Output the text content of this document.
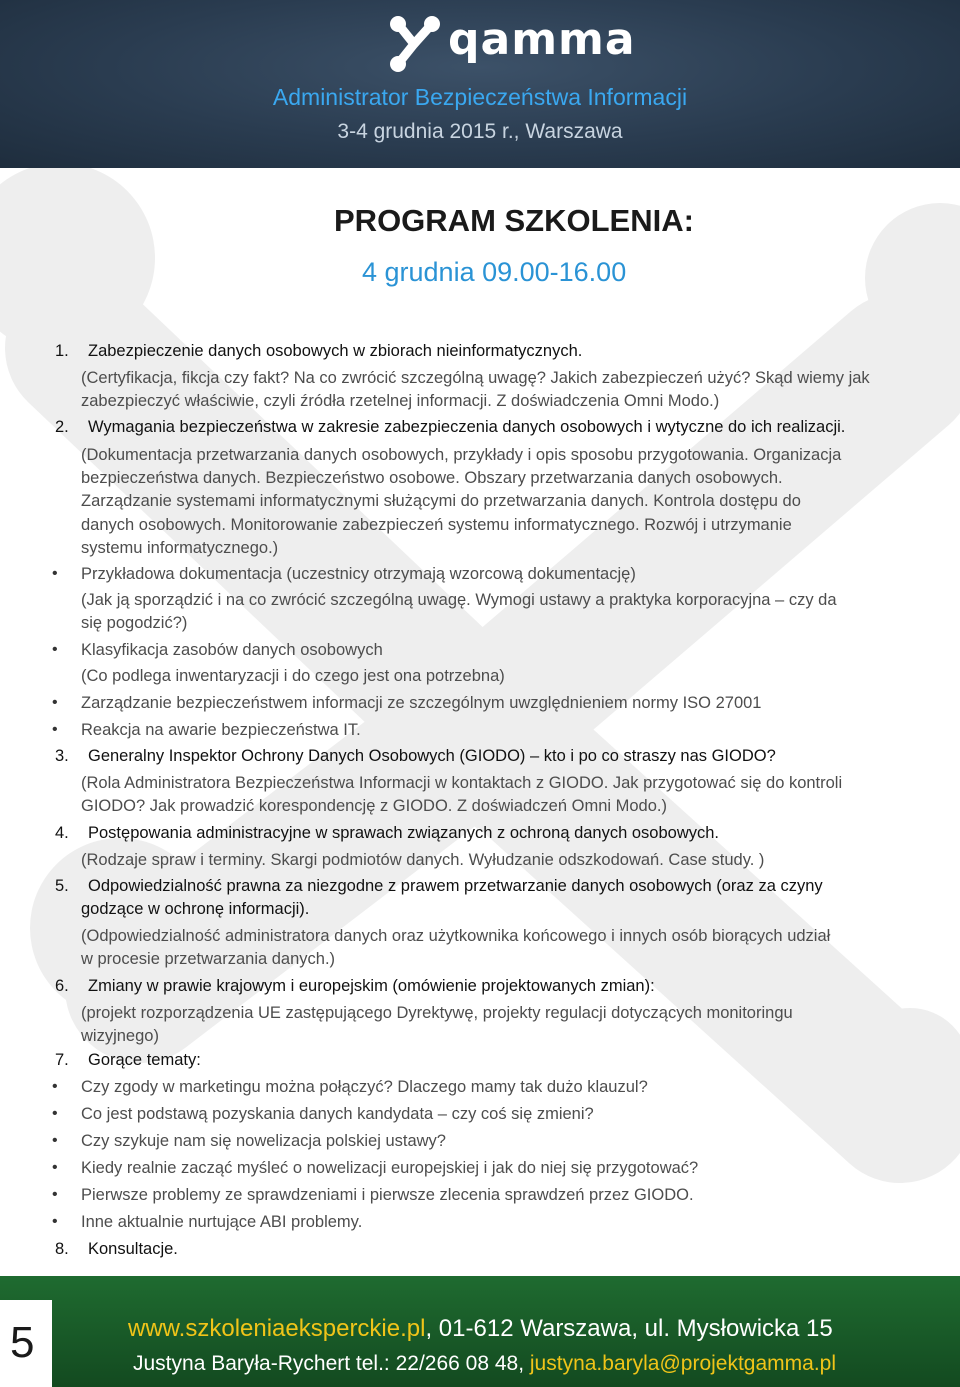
qamma
Administrator Bezpieczeństwa Informacji
3-4 grudnia 2015 r., Warszawa
PROGRAM SZKOLENIA:
4 grudnia 09.00-16.00
1. Zabezpieczenie danych osobowych w zbiorach nieinformatycznych.
(Certyfikacja, fikcja czy fakt? Na co zwrócić szczególną uwagę? Jakich zabezpieczeń użyć? Skąd wiemy jak
zabezpieczyć właściwie, czyli źródła rzetelnej informacji. Z doświadczenia Omni Modo.)
2. Wymagania bezpieczeństwa w zakresie zabezpieczenia danych osobowych i wytyczne do ich realizacji.
(Dokumentacja przetwarzania danych osobowych, przykłady i opis sposobu przygotowania. Organizacja
bezpieczeństwa danych. Bezpieczeństwo osobowe. Obszary przetwarzania danych osobowych.
Zarządzanie systemami informatycznymi służącymi do przetwarzania danych. Kontrola dostępu do
danych osobowych. Monitorowanie zabezpieczeń systemu informatycznego. Rozwój i utrzymanie
systemu informatycznego.)
• Przykładowa dokumentacja (uczestnicy otrzymają wzorcową dokumentację)
(Jak ją sporządzić i na co zwrócić szczególną uwagę. Wymogi ustawy a praktyka korporacyjna – czy da
się pogodzić?)
• Klasyfikacja zasobów danych osobowych
(Co podlega inwentaryzacji i do czego jest ona potrzebna)
• Zarządzanie bezpieczeństwem informacji ze szczególnym uwzględnieniem normy ISO 27001
• Reakcja na awarie bezpieczeństwa IT.
3. Generalny Inspektor Ochrony Danych Osobowych (GIODO) – kto i po co straszy nas GIODO?
(Rola Administratora Bezpieczeństwa Informacji w kontaktach z GIODO. Jak przygotować się do kontroli
GIODO? Jak prowadzić korespondencję z GIODO. Z doświadczeń Omni Modo.)
4. Postępowania administracyjne w sprawach związanych z ochroną danych osobowych.
(Rodzaje spraw i terminy. Skargi podmiotów danych. Wyłudzanie odszkodowań. Case study. )
5. Odpowiedzialność prawna za niezgodne z prawem przetwarzanie danych osobowych (oraz za czyny
godzące w ochronę informacji).
(Odpowiedzialność administratora danych oraz użytkownika końcowego i innych osób biorących udział
w procesie przetwarzania danych.)
6. Zmiany w prawie krajowym i europejskim (omówienie projektowanych zmian):
(projekt rozporządzenia UE zastępującego Dyrektywę, projekty regulacji dotyczących monitoringu
wizyjnego)
7. Gorące tematy:
• Czy zgody w marketingu można połączyć? Dlaczego mamy tak dużo klauzul?
• Co jest podstawą pozyskania danych kandydata – czy coś się zmieni?
• Czy szykuje nam się nowelizacja polskiej ustawy?
• Kiedy realnie zacząć myśleć o nowelizacji europejskiej i jak do niej się przygotować?
• Pierwsze problemy ze sprawdzeniami i pierwsze zlecenia sprawdzeń przez GIODO.
• Inne aktualnie nurtujące ABI problemy.
8. Konsultacje.
5	www.szkoleniaeksperckie.pl, 01-612 Warszawa, ul. Mysłowicka 15
Justyna Baryła-Rychert tel.: 22/266 08 48, justyna.baryla@projektgamma.pl
